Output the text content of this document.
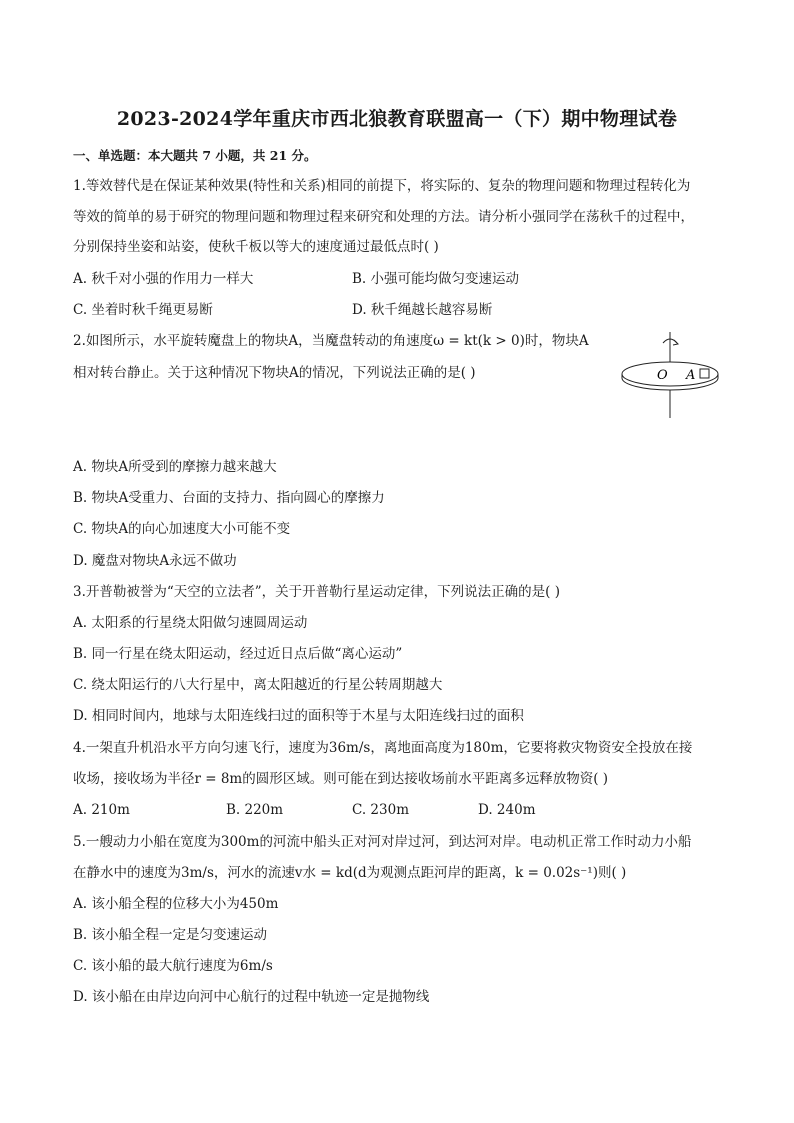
2023-2024学年重庆市西北狼教育联盟高一（下）期中物理试卷
一、单选题：本大题共 7 小题，共 21 分。
1.等效替代是在保证某种效果(特性和关系)相同的前提下，将实际的、复杂的物理问题和物理过程转化为
等效的简单的易于研究的物理问题和物理过程来研究和处理的方法。请分析小强同学在荡秋千的过程中，
分别保持坐姿和站姿，使秋千板以等大的速度通过最低点时( )
A. 秋千对小强的作用力一样大	B. 小强可能均做匀变速运动
C. 坐着时秋千绳更易断	D. 秋千绳越长越容易断
2.如图所示，水平旋转魔盘上的物块A，当魔盘转动的角速度ω = kt(k > 0)时，物块A
相对转台静止。关于这种情况下物块A的情况，下列说法正确的是( )	O A
A. 物块A所受到的摩擦力越来越大
B. 物块A受重力、台面的支持力、指向圆心的摩擦力
C. 物块A的向心加速度大小可能不变
D. 魔盘对物块A永远不做功
3.开普勒被誉为“天空的立法者”，关于开普勒行星运动定律，下列说法正确的是( )
A. 太阳系的行星绕太阳做匀速圆周运动
B. 同一行星在绕太阳运动，经过近日点后做“离心运动”
C. 绕太阳运行的八大行星中，离太阳越近的行星公转周期越大
D. 相同时间内，地球与太阳连线扫过的面积等于木星与太阳连线扫过的面积
4.一架直升机沿水平方向匀速飞行，速度为36m/s，离地面高度为180m，它要将救灾物资安全投放在接
收场，接收场为半径r = 8m的圆形区域。则可能在到达接收场前水平距离多远释放物资( )
A. 210m	B. 220m	C. 230m	D. 240m
5.一艘动力小船在宽度为300m的河流中船头正对河对岸过河，到达河对岸。电动机正常工作时动力小船
在静水中的速度为3m/s，河水的流速v水 = kd(d为观测点距河岸的距离，k = 0.02s⁻¹)则( )
A. 该小船全程的位移大小为450m
B. 该小船全程一定是匀变速运动
C. 该小船的最大航行速度为6m/s
D. 该小船在由岸边向河中心航行的过程中轨迹一定是抛物线
